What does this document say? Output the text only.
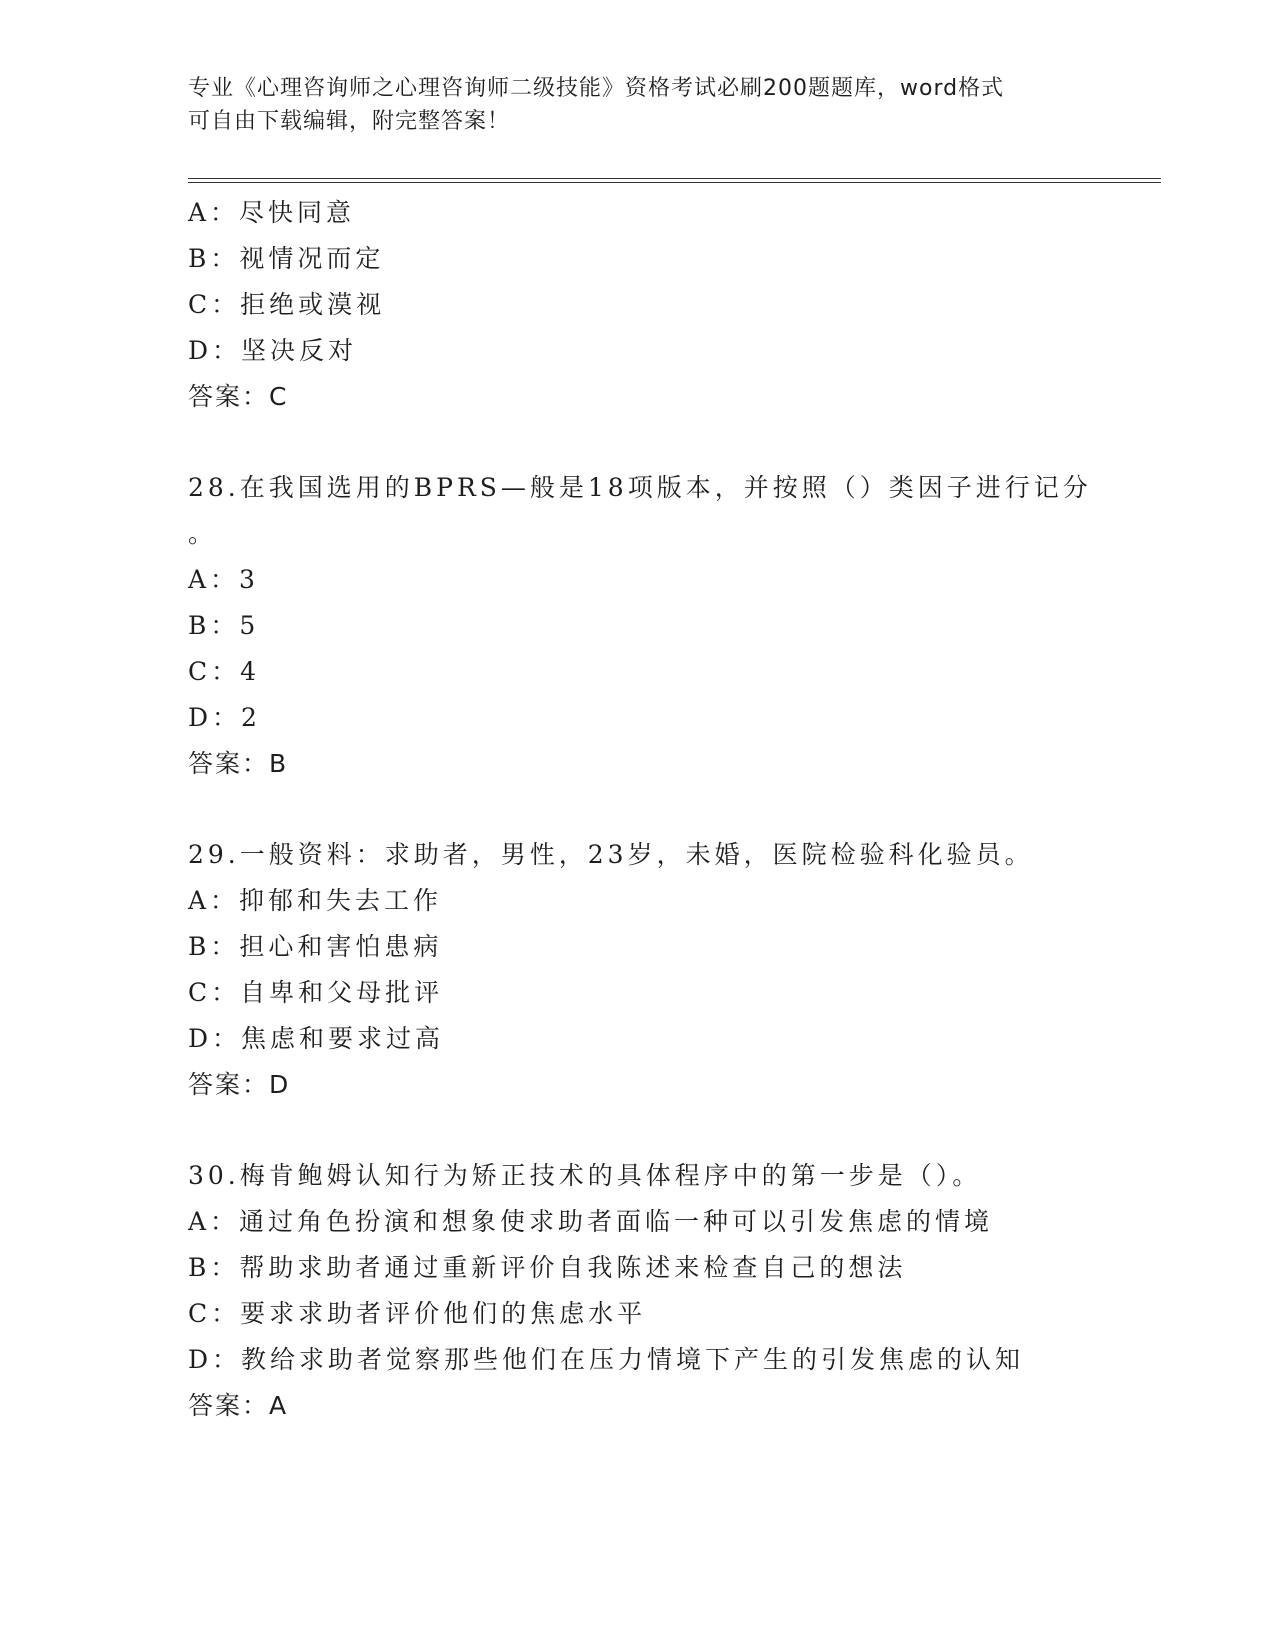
专业《心理咨询师之心理咨询师二级技能》资格考试必刷200题题库，word格式
可自由下载编辑，附完整答案！
A：尽快同意
B：视情况而定
C：拒绝或漠视
D：坚决反对
答案：C
28.在我国选用的BPRS—般是18项版本，并按照（）类因子进行记分
。
A：3
B：5
C：4
D：2
答案：B
29.一般资料：求助者，男性，23岁，未婚，医院检验科化验员。
A：抑郁和失去工作
B：担心和害怕患病
C：自卑和父母批评
D：焦虑和要求过高
答案：D
30.梅肯鲍姆认知行为矫正技术的具体程序中的第一步是（）。
A：通过角色扮演和想象使求助者面临一种可以引发焦虑的情境
B：帮助求助者通过重新评价自我陈述来检查自己的想法
C：要求求助者评价他们的焦虑水平
D：教给求助者觉察那些他们在压力情境下产生的引发焦虑的认知
答案：A
